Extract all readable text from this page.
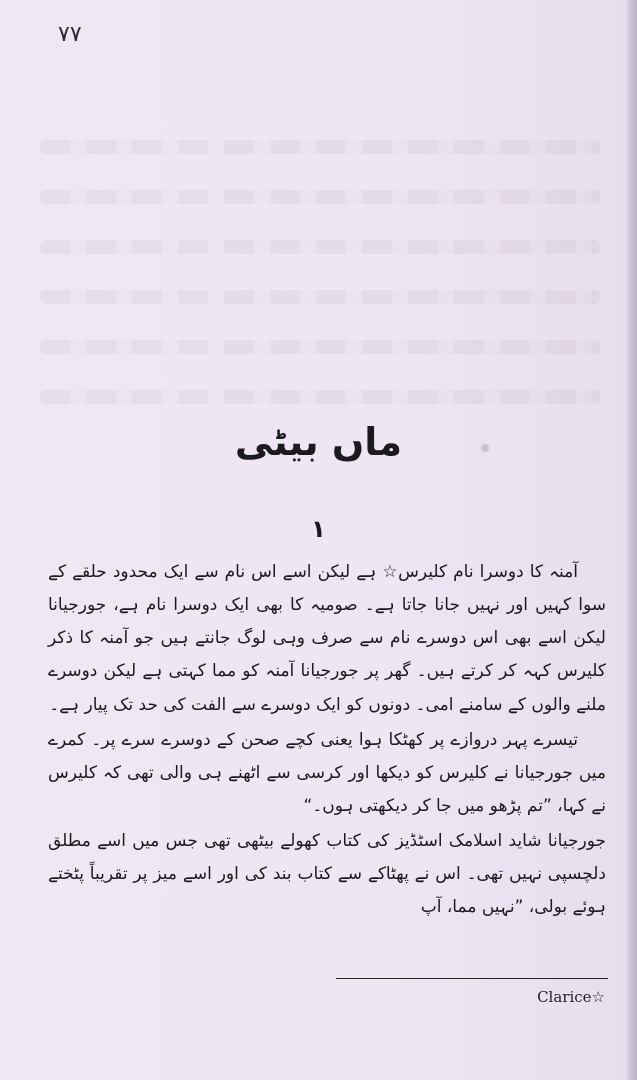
۷۷
ماں بیٹی
۱

آمنہ کا دوسرا نام کلیرس☆ ہے لیکن اسے اس نام سے ایک محدود حلقے کے سوا کہیں اور نہیں جانا جاتا ہے۔ صومیہ کا بھی ایک دوسرا نام ہے، جورجیانا لیکن اسے بھی اس دوسرے نام سے صرف وہی لوگ جانتے ہیں جو آمنہ کا ذکر کلیرس کہہ کر کرتے ہیں۔ گھر پر جورجیانا آمنہ کو مما کہتی ہے لیکن دوسرے ملنے والوں کے سامنے امی۔ دونوں کو ایک دوسرے سے الفت کی حد تک پیار ہے۔

تیسرے پہر دروازے پر کھٹکا ہوا یعنی کچے صحن کے دوسرے سرے پر۔ کمرے میں جورجیانا نے کلیرس کو دیکھا اور کرسی سے اٹھنے ہی والی تھی کہ کلیرس نے کہا، ”تم پڑھو میں جا کر دیکھتی ہوں۔“

جورجیانا شاید اسلامک اسٹڈیز کی کتاب کھولے بیٹھی تھی جس میں اسے مطلق دلچسپی نہیں تھی۔ اس نے پھٹاکے سے کتاب بند کی اور اسے میز پر تقریباً پٹختے ہوئے بولی، ”نہیں مما، آپ

Clarice☆
